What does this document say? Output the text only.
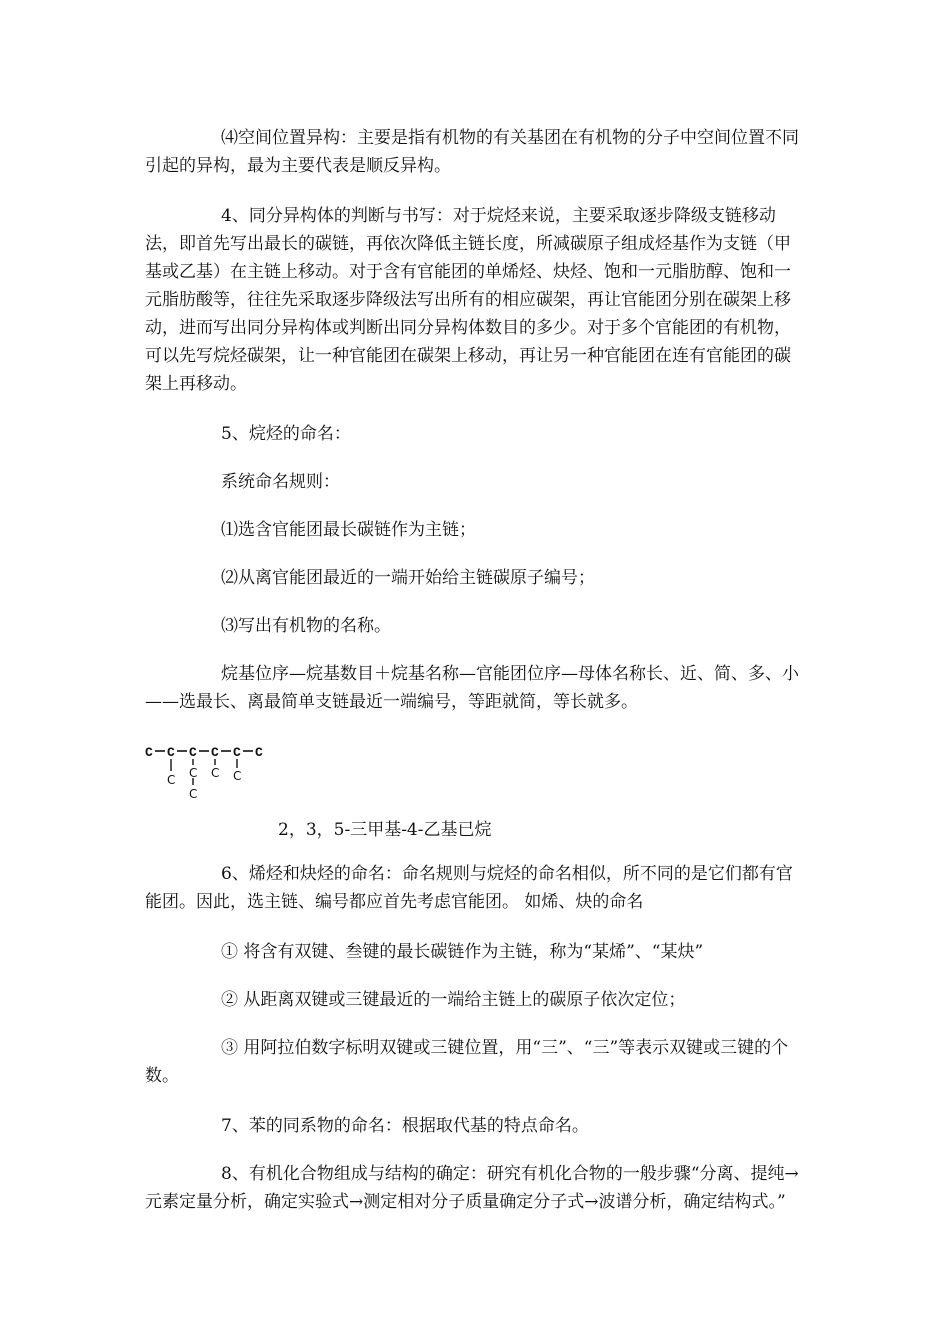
⑷空间位置异构：主要是指有机物的有关基团在有机物的分子中空间位置不同引起的异构，最为主要代表是顺反异构。

4、同分异构体的判断与书写：对于烷烃来说，主要采取逐步降级支链移动法，即首先写出最长的碳链，再依次降低主链长度，所减碳原子组成烃基作为支链（甲基或乙基）在主链上移动。对于含有官能团的单烯烃、炔烃、饱和一元脂肪醇、饱和一元脂肪酸等，往往先采取逐步降级法写出所有的相应碳架，再让官能团分别在碳架上移动，进而写出同分异构体或判断出同分异构体数目的多少。对于多个官能团的有机物，可以先写烷烃碳架，让一种官能团在碳架上移动，再让另一种官能团在连有官能团的碳架上再移动。

5、烷烃的命名：

系统命名规则：

⑴选含官能团最长碳链作为主链；

⑵从离官能团最近的一端开始给主链碳原子编号；

⑶写出有机物的名称。

烷基位序—烷基数目＋烷基名称—官能团位序—母体名称长、近、简、多、小——选最长、离最简单支链最近一端编号，等距就简，等长就多。

C C C C C C
C C
C
C C
2，3，5-三甲基-4-乙基已烷

6、烯烃和炔烃的命名：命名规则与烷烃的命名相似，所不同的是它们都有官能团。因此，选主链、编号都应首先考虑官能团。 如烯、炔的命名

① 将含有双键、叁键的最长碳链作为主链，称为“某烯”、“某炔”

② 从距离双键或三键最近的一端给主链上的碳原子依次定位；

③ 用阿拉伯数字标明双键或三键位置，用“三”、“三”等表示双键或三键的个数。

7、苯的同系物的命名：根据取代基的特点命名。

8、有机化合物组成与结构的确定：研究有机化合物的一般步骤“分离、提纯→元素定量分析，确定实验式→测定相对分子质量确定分子式→波谱分析，确定结构式。”
